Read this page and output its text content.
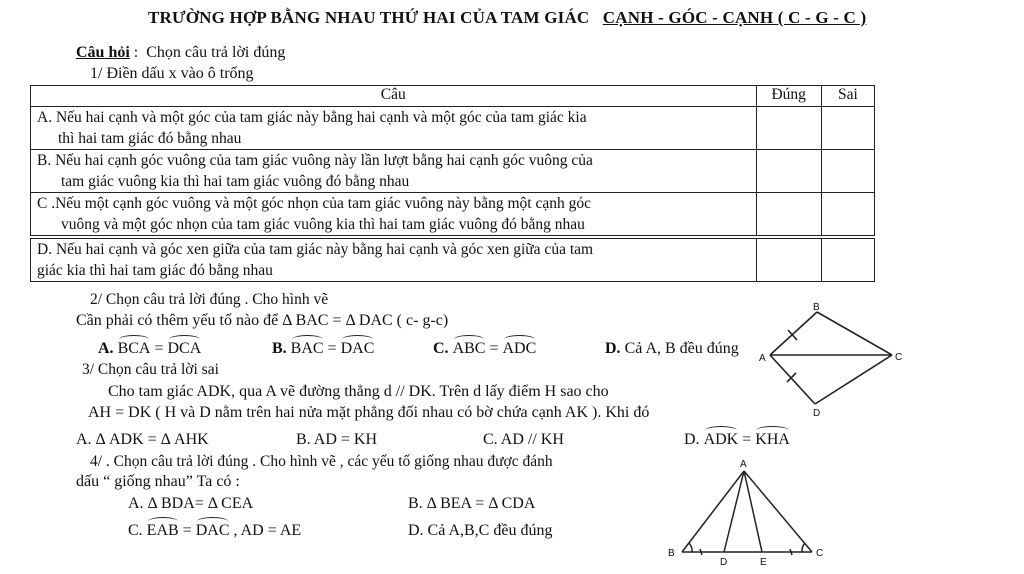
TRƯỜNG HỢP BẰNG NHAU THỨ HAI CỦA TAM GIÁC CẠNH - GÓC - CẠNH ( C - G - C )
Câu hỏi : Chọn câu trả lời đúng
1/ Điền dấu x vào ô trống
Câu	Đúng	Sai

A. Nếu hai cạnh và một góc của tam giác này bằng hai cạnh và một góc của tam giác kia
thì hai tam giác đó bằng nhau		

B. Nếu hai cạnh góc vuông của tam giác vuông này lần lượt bằng hai cạnh góc vuông của
tam giác vuông kia thì hai tam giác vuông đó bằng nhau		

C .Nếu một cạnh góc vuông và một góc nhọn của tam giác vuông này bằng một cạnh góc
vuông và một góc nhọn của tam giác vuông kia thì hai tam giác vuông đó bằng nhau		

D. Nếu hai cạnh và góc xen giữa của tam giác này bằng hai cạnh và góc xen giữa của tam
giác kia thì hai tam giác đó bằng nhau		

2/ Chọn câu trả lời đúng . Cho hình vẽ
Cần phải có thêm yếu tố nào để Δ BAC = Δ DAC ( c- g-c)
A. BCA = DCA	B. BAC = DAC	C. ABC = ADC	D. Cả A, B đều đúng
3/ Chọn câu trả lời sai
Cho tam giác ADK, qua A vẽ đường thẳng d // DK. Trên d lấy điểm H sao cho
AH = DK ( H và D nằm trên hai nửa mặt phẳng đối nhau có bờ chứa cạnh AK ). Khi đó
A. Δ ADK = Δ AHK	B. AD = KH	C. AD // KH	D. ADK = KHA
4/ . Chọn câu trả lời đúng . Cho hình vẽ , các yếu tố giống nhau được đánh
dấu “ giống nhau” Ta có :
A. Δ BDA= Δ CEA	B. Δ BEA = Δ CDA
C. EAB = DAC , AD = AE	D. Cả A,B,C đều đúng
B
A	C
D
A
B
D	E
C
